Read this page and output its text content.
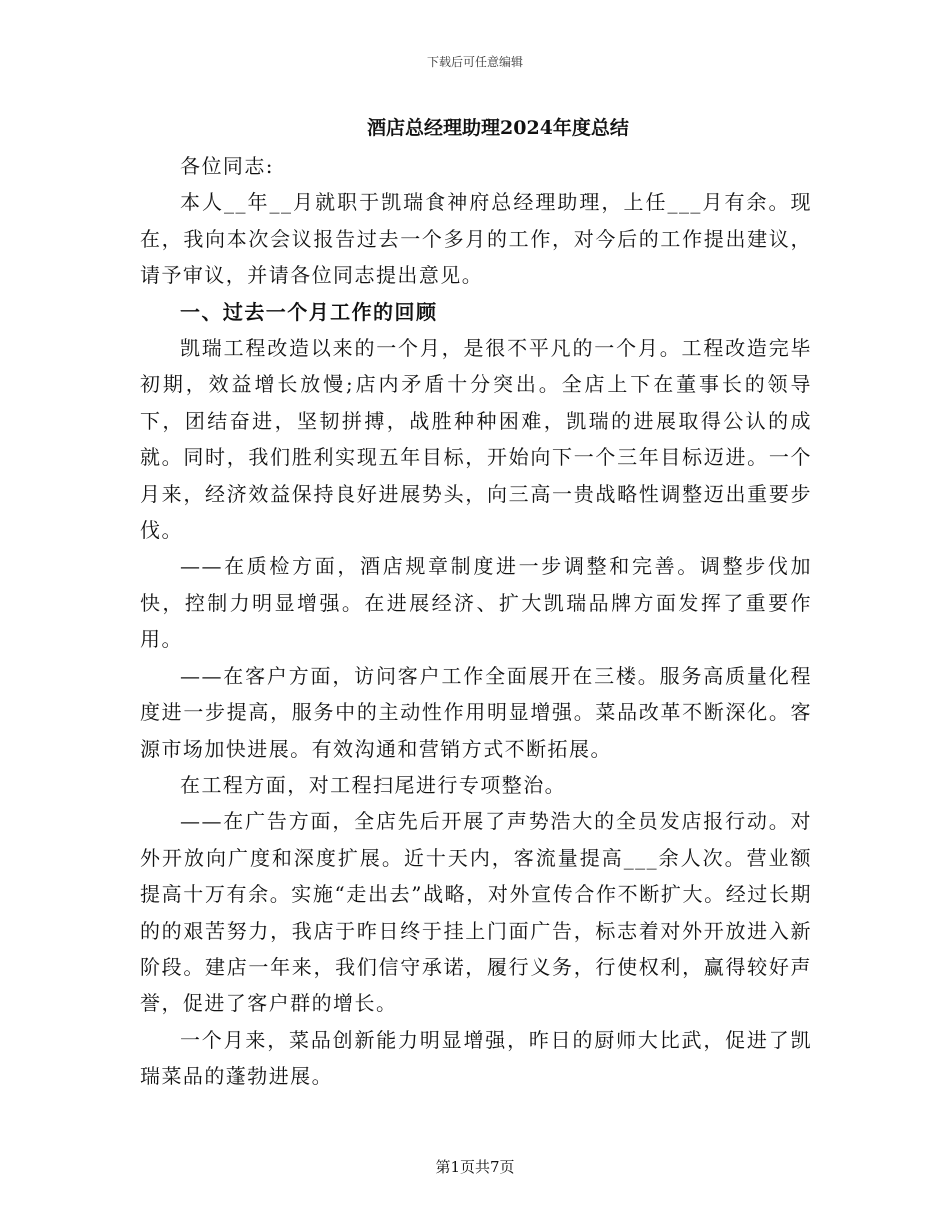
下载后可任意编辑
酒店总经理助理2024年度总结

各位同志:

本人__年__月就职于凯瑞食神府总经理助理，上任___月有余。现在，我向本次会议报告过去一个多月的工作，对今后的工作提出建议，请予审议，并请各位同志提出意见。

一、过去一个月工作的回顾

凯瑞工程改造以来的一个月，是很不平凡的一个月。工程改造完毕初期，效益增长放慢;店内矛盾十分突出。全店上下在董事长的领导下，团结奋进，坚韧拼搏，战胜种种困难，凯瑞的进展取得公认的成就。同时，我们胜利实现五年目标，开始向下一个三年目标迈进。一个月来，经济效益保持良好进展势头，向三高一贵战略性调整迈出重要步伐。

——在质检方面，酒店规章制度进一步调整和完善。调整步伐加快，控制力明显增强。在进展经济、扩大凯瑞品牌方面发挥了重要作用。

——在客户方面，访问客户工作全面展开在三楼。服务高质量化程度进一步提高，服务中的主动性作用明显增强。菜品改革不断深化。客源市场加快进展。有效沟通和营销方式不断拓展。

在工程方面，对工程扫尾进行专项整治。

——在广告方面，全店先后开展了声势浩大的全员发店报行动。对外开放向广度和深度扩展。近十天内，客流量提高___余人次。营业额提高十万有余。实施“走出去”战略，对外宣传合作不断扩大。经过长期的的艰苦努力，我店于昨日终于挂上门面广告，标志着对外开放进入新阶段。建店一年来，我们信守承诺，履行义务，行使权利，赢得较好声誉，促进了客户群的增长。

一个月来，菜品创新能力明显增强，昨日的厨师大比武，促进了凯瑞菜品的蓬勃进展。

第1页共7页
